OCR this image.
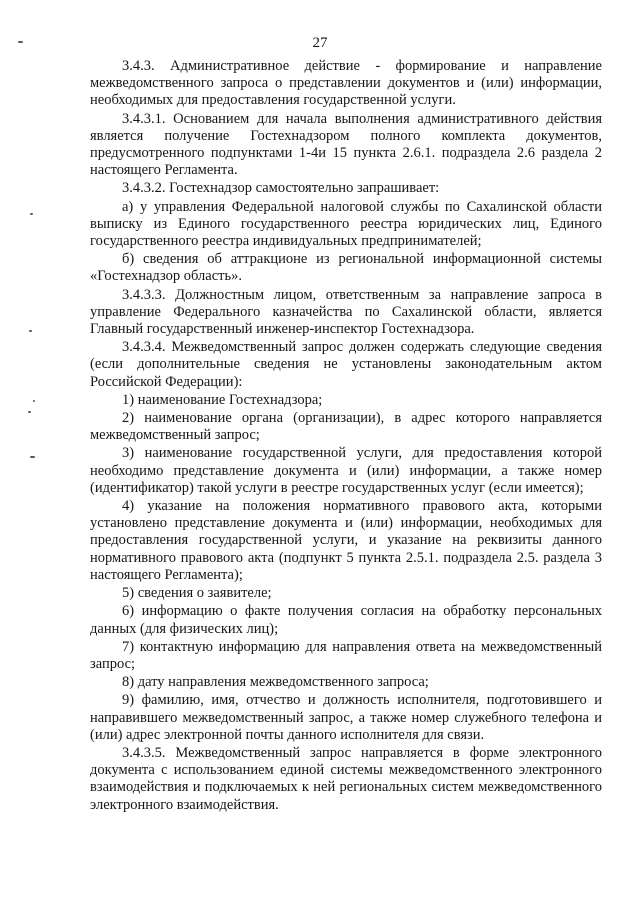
27

3.4.3. Административное действие - формирование и направление межведомственного запроса о представлении документов и (или) информации, необходимых для предоставления государственной услуги.

3.4.3.1. Основанием для начала выполнения административного действия является получение Гостехнадзором полного комплекта документов, предусмотренного подпунктами 1-4и 15 пункта 2.6.1. подраздела 2.6 раздела 2 настоящего Регламента.

3.4.3.2. Гостехнадзор самостоятельно запрашивает:

а) у управления Федеральной налоговой службы по Сахалинской области выписку из Единого государственного реестра юридических лиц, Единого государственного реестра индивидуальных предпринимателей;

б) сведения об аттракционе из региональной информационной системы «Гостехнадзор область».

3.4.3.3. Должностным лицом, ответственным за направление запроса в управление Федерального казначейства по Сахалинской области, является Главный государственный инженер-инспектор Гостехнадзора.

3.4.3.4. Межведомственный запрос должен содержать следующие сведения (если дополнительные сведения не установлены законодательным актом Российской Федерации):

1) наименование Гостехнадзора;

2) наименование органа (организации), в адрес которого направляется межведомственный запрос;

3) наименование государственной услуги, для предоставления которой необходимо представление документа и (или) информации, а также номер (идентификатор) такой услуги в реестре государственных услуг (если имеется);

4) указание на положения нормативного правового акта, которыми установлено представление документа и (или) информации, необходимых для предоставления государственной услуги, и указание на реквизиты данного нормативного правового акта (подпункт 5 пункта 2.5.1. подраздела 2.5. раздела 3 настоящего Регламента);

5) сведения о заявителе;

6) информацию о факте получения согласия на обработку персональных данных (для физических лиц);

7) контактную информацию для направления ответа на межведомственный запрос;

8) дату направления межведомственного запроса;

9) фамилию, имя, отчество и должность исполнителя, подготовившего и направившего межведомственный запрос, а также номер служебного телефона и (или) адрес электронной почты данного исполнителя для связи.

3.4.3.5. Межведомственный запрос направляется в форме электронного документа с использованием единой системы межведомственного электронного взаимодействия и подключаемых к ней региональных систем межведомственного электронного взаимодействия.
